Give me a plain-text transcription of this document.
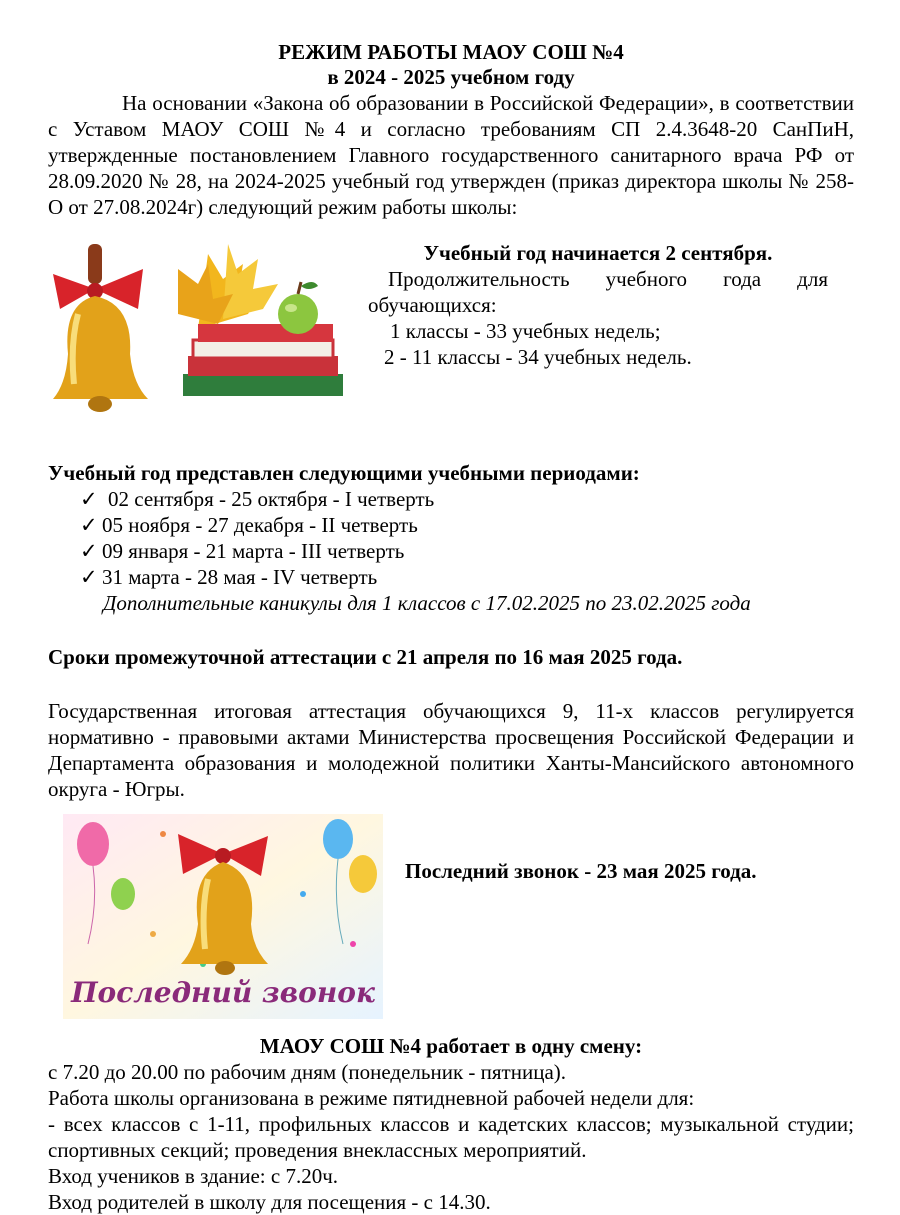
РЕЖИМ РАБОТЫ МАОУ СОШ №4
в 2024 - 2025 учебном году
На основании «Закона об образовании в Российской Федерации», в соответствии с Уставом МАОУ СОШ №4 и согласно требованиям СП 2.4.3648-20 СанПиН, утвержденные постановлением Главного государственного санитарного врача РФ от 28.09.2020 № 28, на 2024-2025 учебный год утвержден (приказ директора школы № 258-О от 27.08.2024г) следующий режим работы школы:
Учебный год начинается 2 сентября.
Продолжительность учебного года для обучающихся:
1 классы - 33 учебных недель;
2 - 11 классы - 34 учебных недель.
Учебный год представлен следующими учебными периодами:
✓ 02 сентября - 25 октября - I четверть
✓ 05 ноября - 27 декабря - II четверть
✓ 09 января - 21 марта - III четверть
✓ 31 марта - 28 мая - IV четверть
Дополнительные каникулы для 1 классов с 17.02.2025 по 23.02.2025 года
Сроки промежуточной аттестации с 21 апреля по 16 мая 2025 года.
Государственная итоговая аттестация обучающихся 9, 11-х классов регулируется нормативно - правовыми актами Министерства просвещения Российской Федерации и Департамента образования и молодежной политики Ханты-Мансийского автономного округа - Югры.
Последний звонок
Последний звонок - 23 мая 2025 года.
МАОУ СОШ №4 работает в одну смену:
с 7.20 до 20.00 по рабочим дням (понедельник - пятница).
Работа школы организована в режиме пятидневной рабочей недели для:
- всех классов с 1-11, профильных классов и кадетских классов; музыкальной студии; спортивных секций; проведения внеклассных мероприятий.
Вход учеников в здание: с 7.20ч.
Вход родителей в школу для посещения - с 14.30.
